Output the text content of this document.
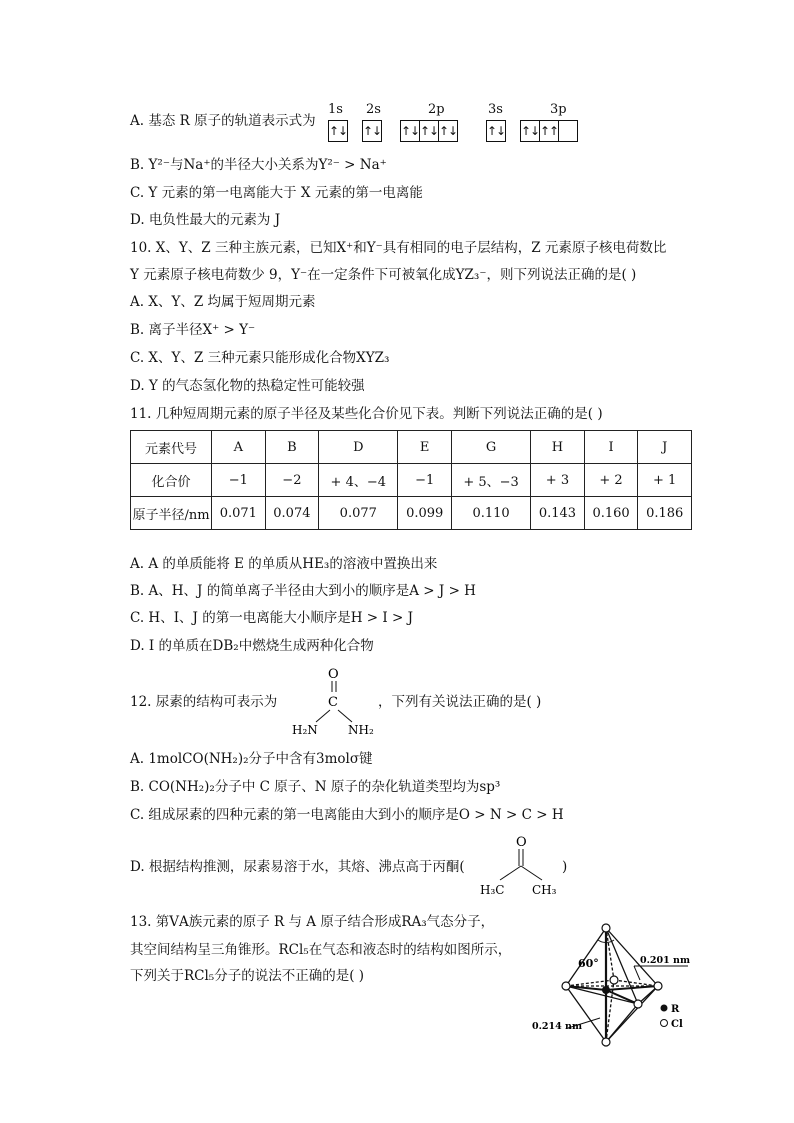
A. 基态 R 原子的轨道表示式为
1s 2s	2p	3s	3p
↑↓ ↑↓ ↑↓ ↑↓ ↑↓ ↑↓ ↑↓ ↑↑
B. Y²⁻与Na⁺的半径大小关系为Y²⁻ > Na⁺
C. Y 元素的第一电离能大于 X 元素的第一电离能
D. 电负性最大的元素为 J
10. X、Y、Z 三种主族元素，已知X⁺和Y⁻具有相同的电子层结构，Z 元素原子核电荷数比
Y 元素原子核电荷数少 9，Y⁻在一定条件下可被氧化成YZ₃⁻，则下列说法正确的是( )
A. X、Y、Z 均属于短周期元素
B. 离子半径X⁺ > Y⁻
C. X、Y、Z 三种元素只能形成化合物XYZ₃
D. Y 的气态氢化物的热稳定性可能较强
11. 几种短周期元素的原子半径及某些化合价见下表。判断下列说法正确的是( )
元素代号	A	B	D	E	G	H	I	J
化合价	−1	−2	+ 4、−4	−1	+ 5、−3	+ 3	+ 2	+ 1
原子半径/nm	0.071	0.074	0.077	0.099	0.110	0.143	0.160	0.186
A. A 的单质能将 E 的单质从HE₃的溶液中置换出来
B. A、H、J 的简单离子半径由大到小的顺序是A > J > H
C. H、I、J 的第一电离能大小顺序是H > I > J
D. I 的单质在DB₂中燃烧生成两种化合物
12. 尿素的结构可表示为
O
C
H₂N	NH₂
，下列有关说法正确的是( )
A. 1molCO(NH₂)₂分子中含有3molσ键
B. CO(NH₂)₂分子中 C 原子、N 原子的杂化轨道类型均为sp³
C. 组成尿素的四种元素的第一电离能由大到小的顺序是O > N > C > H
D. 根据结构推测，尿素易溶于水，其熔、沸点高于丙酮(
O
H₃C CH₃
)
13. 第ⅤA族元素的原子 R 与 A 原子结合形成RA₃气态分子，
其空间结构呈三角锥形。RCl₅在气态和液态时的结构如图所示，
下列关于RCl₅分子的说法不正确的是( )
60°	0.201 nm
0.214 nm
R
Cl
